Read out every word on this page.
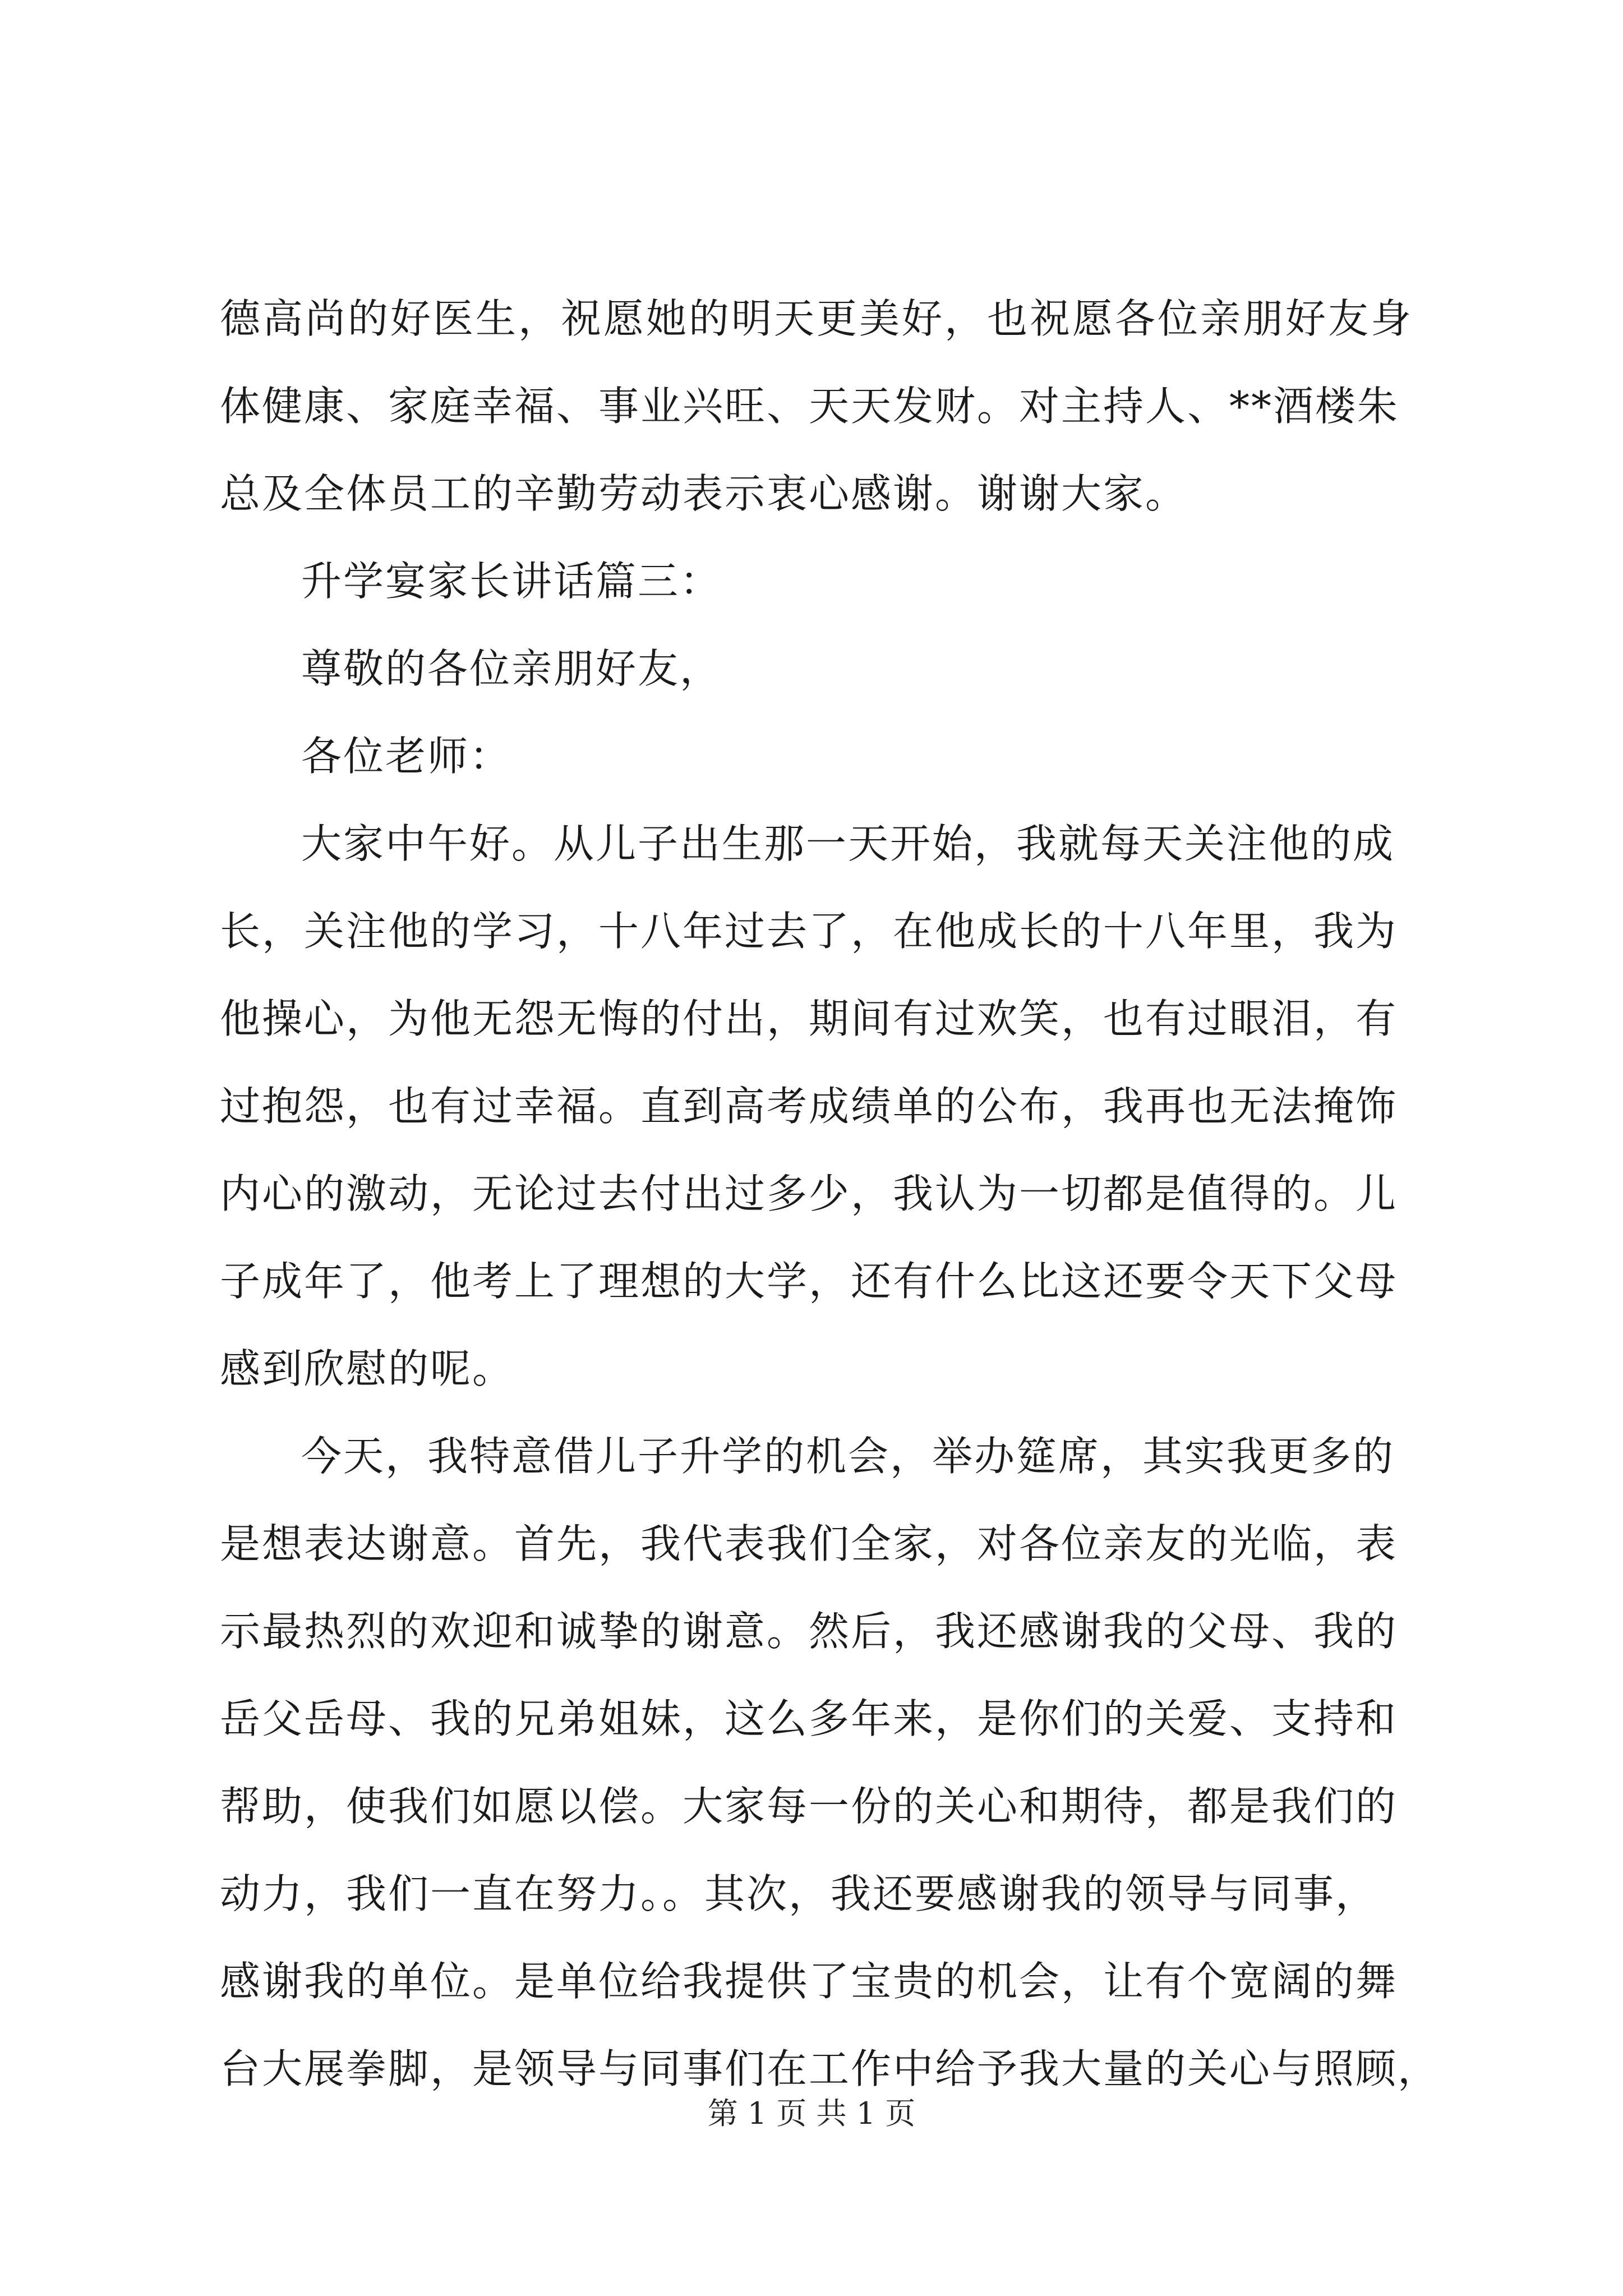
德高尚的好医生，祝愿她的明天更美好，也祝愿各位亲朋好友身
体健康、家庭幸福、事业兴旺、天天发财。对主持人、**酒楼朱
总及全体员工的辛勤劳动表示衷心感谢。谢谢大家。
升学宴家长讲话篇三：
尊敬的各位亲朋好友，
各位老师：
大家中午好。从儿子出生那一天开始，我就每天关注他的成
长，关注他的学习，十八年过去了，在他成长的十八年里，我为
他操心，为他无怨无悔的付出，期间有过欢笑，也有过眼泪，有
过抱怨，也有过幸福。直到高考成绩单的公布，我再也无法掩饰
内心的激动，无论过去付出过多少，我认为一切都是值得的。儿
子成年了，他考上了理想的大学，还有什么比这还要令天下父母
感到欣慰的呢。
今天，我特意借儿子升学的机会，举办筵席，其实我更多的
是想表达谢意。首先，我代表我们全家，对各位亲友的光临，表
示最热烈的欢迎和诚挚的谢意。然后，我还感谢我的父母、我的
岳父岳母、我的兄弟姐妹，这么多年来，是你们的关爱、支持和
帮助，使我们如愿以偿。大家每一份的关心和期待，都是我们的
动力，我们一直在努力。。其次，我还要感谢我的领导与同事，
感谢我的单位。是单位给我提供了宝贵的机会，让有个宽阔的舞
台大展拳脚，是领导与同事们在工作中给予我大量的关心与照顾，
第 1 页 共 1 页
